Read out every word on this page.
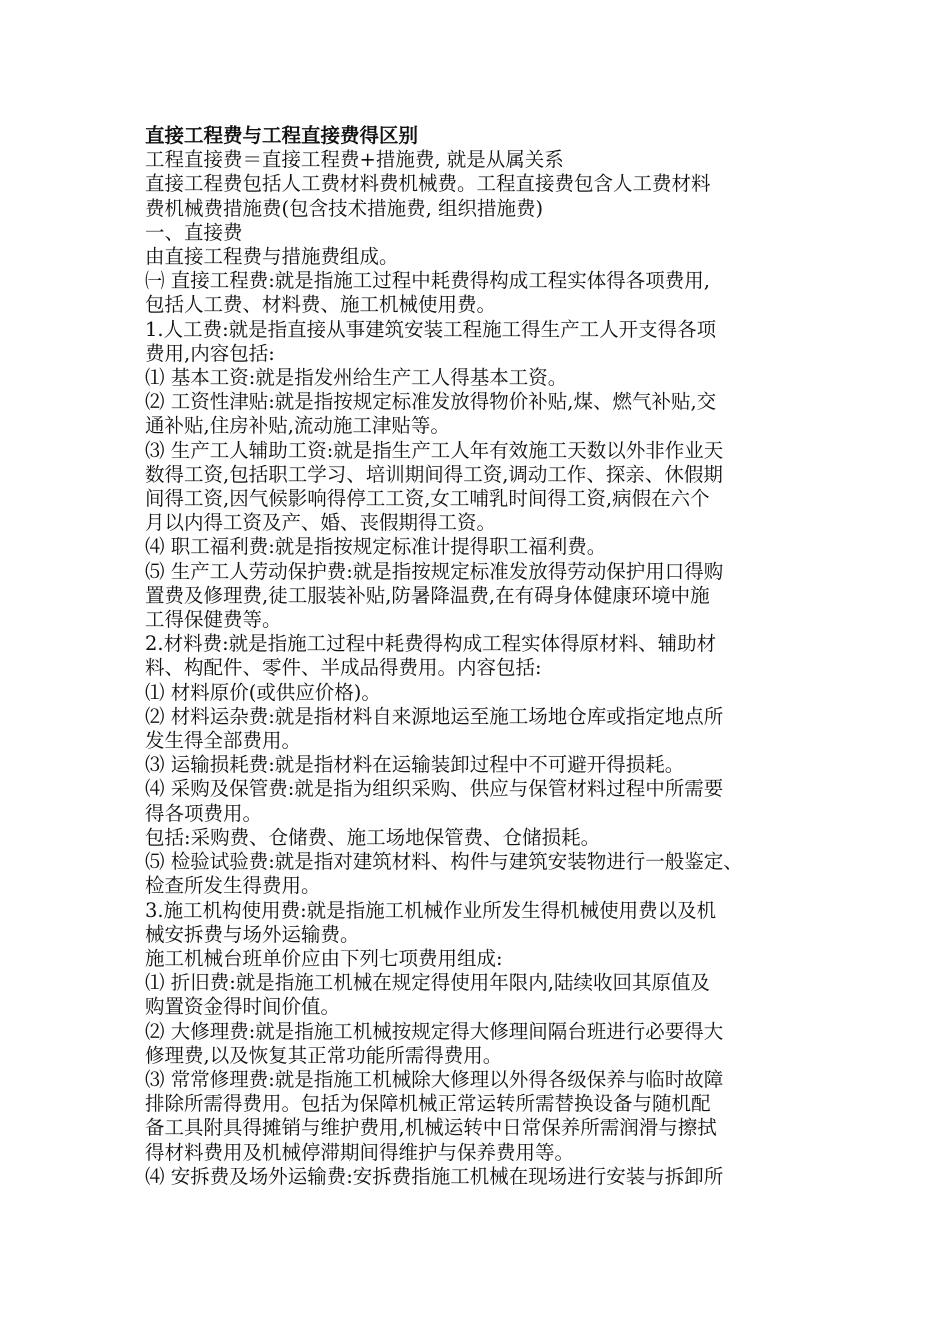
直接工程费与工程直接费得区别
工程直接费＝直接工程费+措施费, 就是从属关系
直接工程费包括人工费材料费机械费。工程直接费包含人工费材料
费机械费措施费(包含技术措施费, 组织措施费)
一、直接费
由直接工程费与措施费组成。
㈠ 直接工程费:就是指施工过程中耗费得构成工程实体得各项费用,
包括人工费、材料费、施工机械使用费。
1.人工费:就是指直接从事建筑安装工程施工得生产工人开支得各项
费用,内容包括:
⑴ 基本工资:就是指发州给生产工人得基本工资。
⑵ 工资性津贴:就是指按规定标准发放得物价补贴,煤、燃气补贴,交
通补贴,住房补贴,流动施工津贴等。
⑶ 生产工人辅助工资:就是指生产工人年有效施工天数以外非作业天
数得工资,包括职工学习、培训期间得工资,调动工作、探亲、休假期
间得工资,因气候影响得停工工资,女工哺乳时间得工资,病假在六个
月以内得工资及产、婚、丧假期得工资。
⑷ 职工福利费:就是指按规定标准计提得职工福利费。
⑸ 生产工人劳动保护费:就是指按规定标准发放得劳动保护用口得购
置费及修理费,徒工服装补贴,防暑降温费,在有碍身体健康环境中施
工得保健费等。
2.材料费:就是指施工过程中耗费得构成工程实体得原材料、辅助材
料、构配件、零件、半成品得费用。内容包括:
⑴ 材料原价(或供应价格)。
⑵ 材料运杂费:就是指材料自来源地运至施工场地仓库或指定地点所
发生得全部费用。
⑶ 运输损耗费:就是指材料在运输装卸过程中不可避开得损耗。
⑷ 采购及保管费:就是指为组织采购、供应与保管材料过程中所需要
得各项费用。
包括:采购费、仓储费、施工场地保管费、仓储损耗。
⑸ 检验试验费:就是指对建筑材料、构件与建筑安装物进行一般鉴定、
检查所发生得费用。
3.施工机构使用费:就是指施工机械作业所发生得机械使用费以及机
械安拆费与场外运输费。
施工机械台班单价应由下列七项费用组成:
⑴ 折旧费:就是指施工机械在规定得使用年限内,陆续收回其原值及
购置资金得时间价值。
⑵ 大修理费:就是指施工机械按规定得大修理间隔台班进行必要得大
修理费,以及恢复其正常功能所需得费用。
⑶ 常常修理费:就是指施工机械除大修理以外得各级保养与临时故障
排除所需得费用。包括为保障机械正常运转所需替换设备与随机配
备工具附具得摊销与维护费用,机械运转中日常保养所需润滑与擦拭
得材料费用及机械停滞期间得维护与保养费用等。
⑷ 安拆费及场外运输费:安拆费指施工机械在现场进行安装与拆卸所
